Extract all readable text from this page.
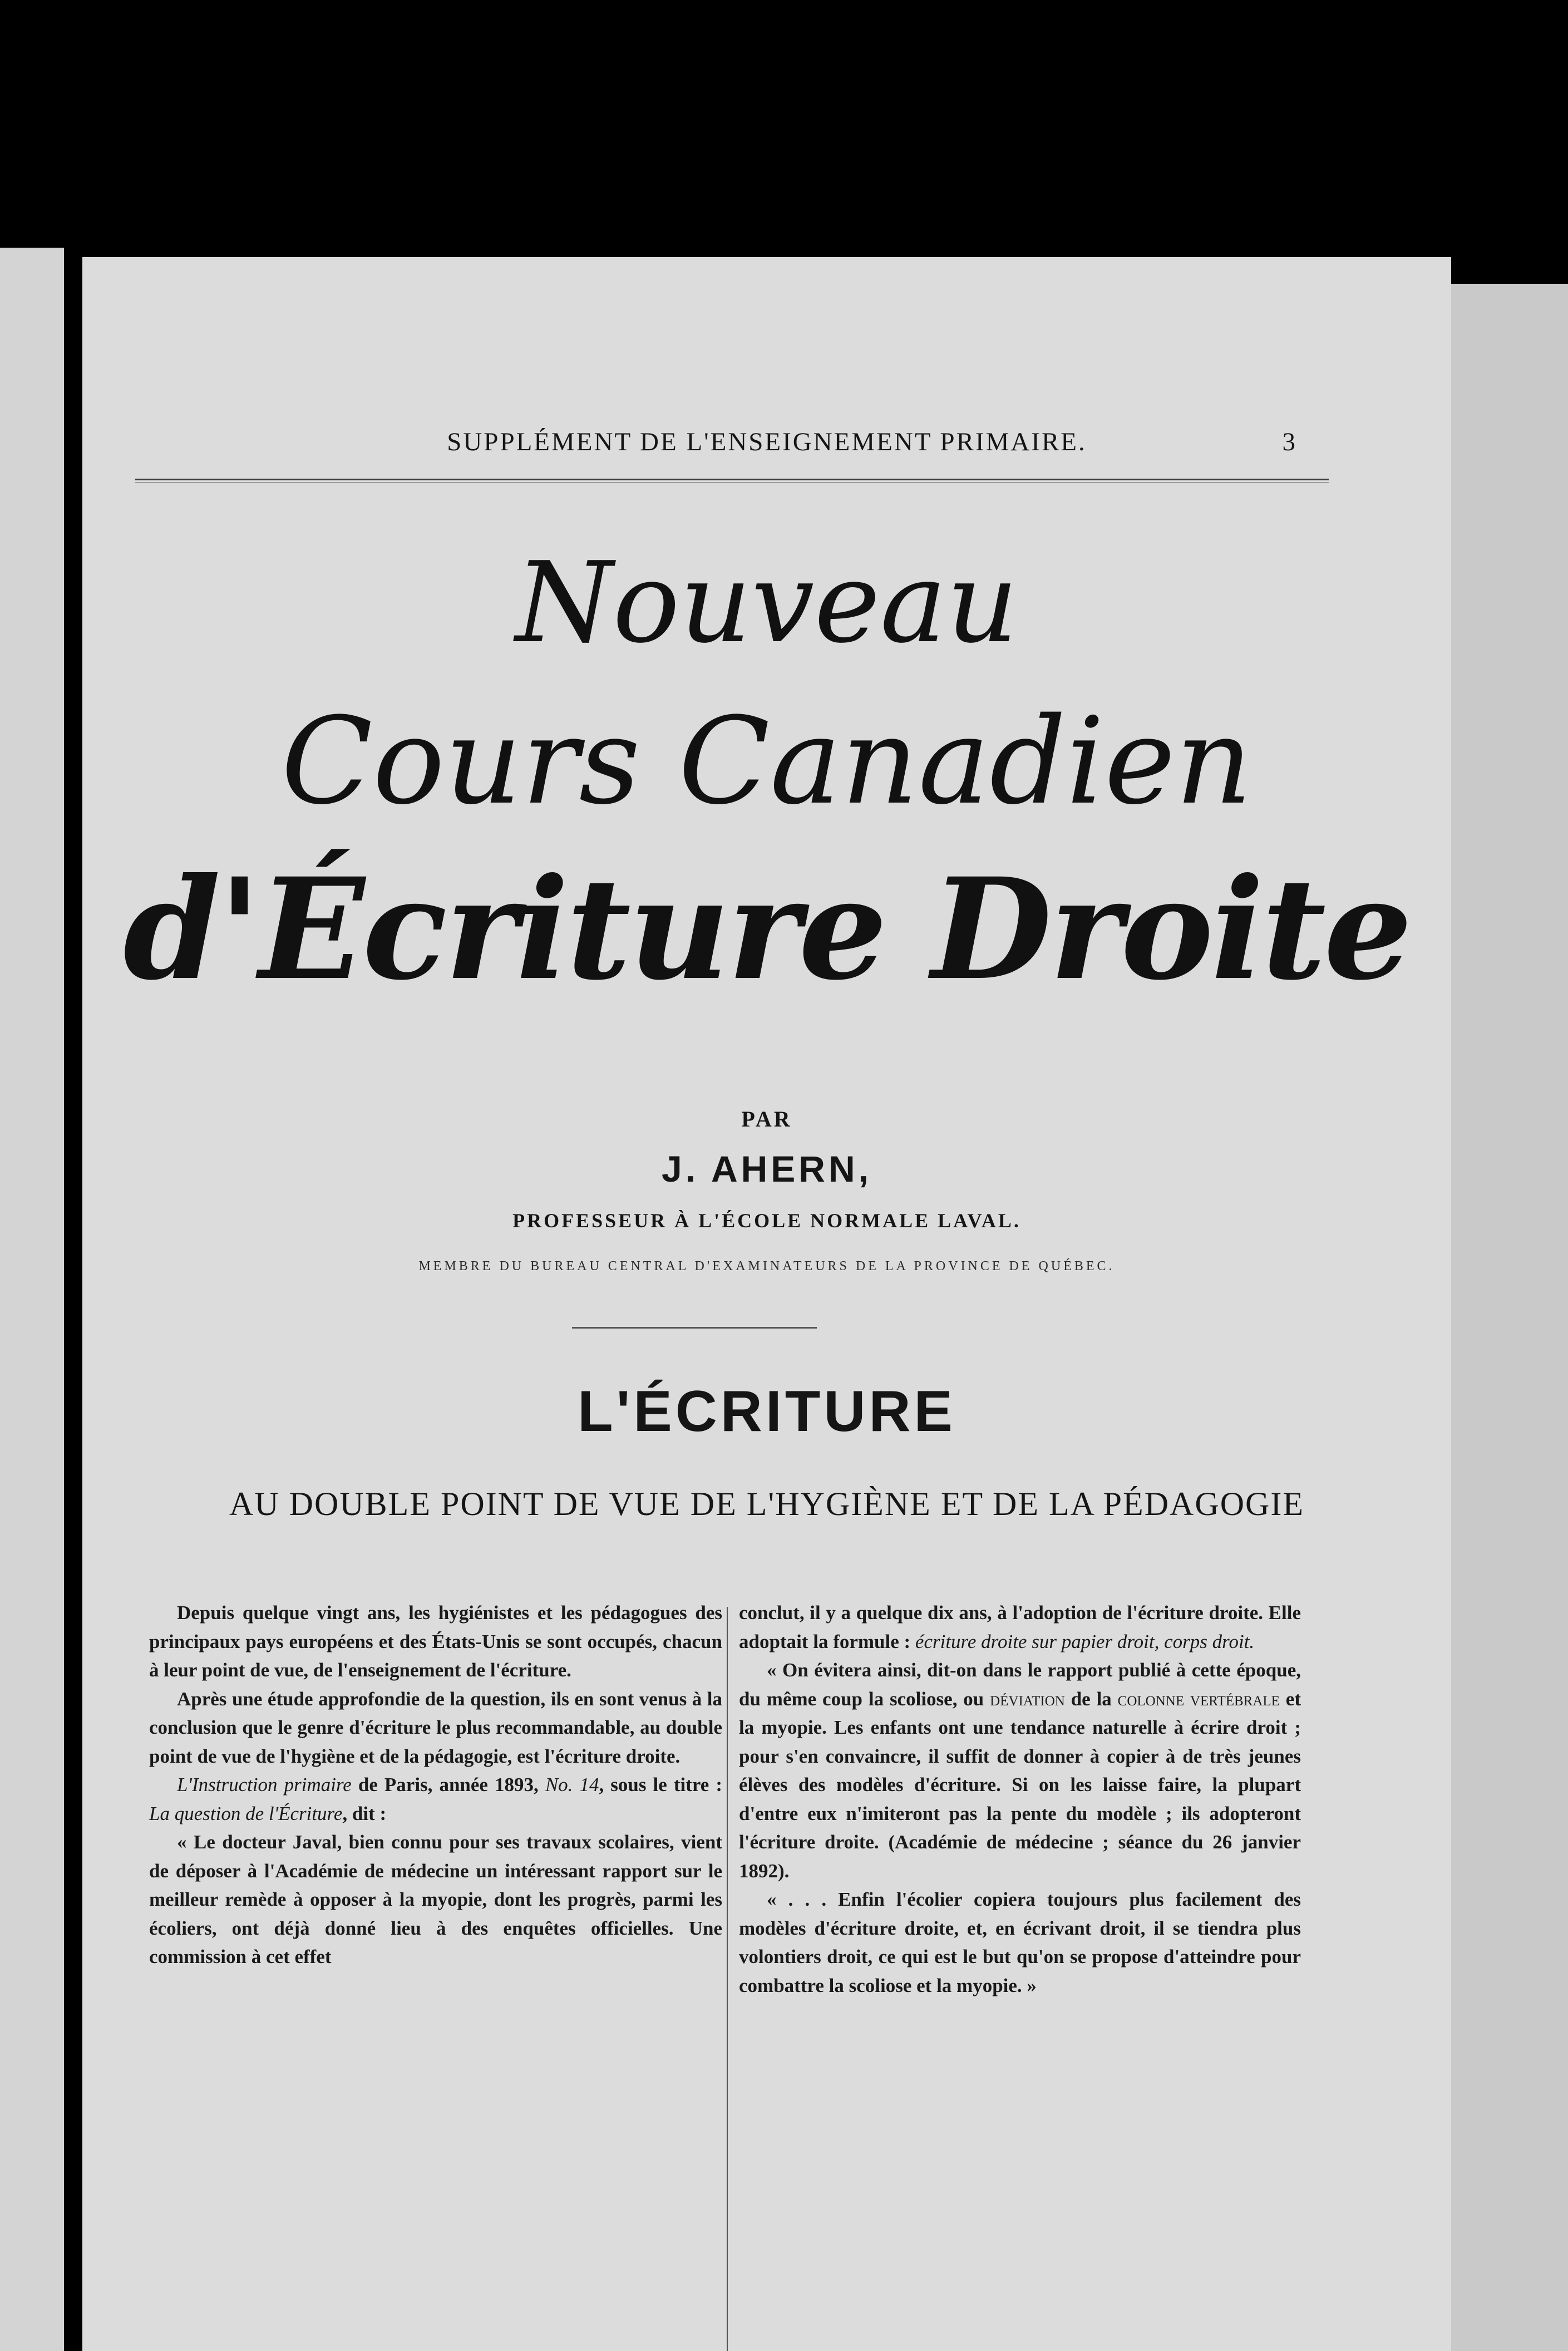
SUPPLÉMENT DE L'ENSEIGNEMENT PRIMAIRE.	3
Nouveau
Cours Canadien
d'Écriture Droite
PAR
J. AHERN,
PROFESSEUR À L'ÉCOLE NORMALE LAVAL.
MEMBRE DU BUREAU CENTRAL D'EXAMINATEURS DE LA PROVINCE DE QUÉBEC.
L'ÉCRITURE
AU DOUBLE POINT DE VUE DE L'HYGIÈNE ET DE LA PÉDAGOGIE

Depuis quelque vingt ans, les hygiénistes et les pédagogues des principaux pays européens et des États-Unis se sont occupés, chacun à leur point de vue, de l'enseignement de l'écriture.

Après une étude approfondie de la question, ils en sont venus à la conclusion que le genre d'écriture le plus recommandable, au double point de vue de l'hygiène et de la pédagogie, est l'écriture droite.

L'Instruction primaire de Paris, année 1893, No. 14, sous le titre : La question de l'Écriture, dit :

« Le docteur Javal, bien connu pour ses travaux scolaires, vient de déposer à l'Académie de médecine un intéressant rapport sur le meilleur remède à opposer à la myopie, dont les progrès, parmi les écoliers, ont déjà donné lieu à des enquêtes officielles. Une commission à cet effet

conclut, il y a quelque dix ans, à l'adoption de l'écriture droite. Elle adoptait la formule : écriture droite sur papier droit, corps droit.

« On évitera ainsi, dit-on dans le rapport publié à cette époque, du même coup la scoliose, ou déviation de la colonne vertébrale et la myopie. Les enfants ont une tendance naturelle à écrire droit ; pour s'en convaincre, il suffit de donner à copier à de très jeunes élèves des modèles d'écriture. Si on les laisse faire, la plupart d'entre eux n'imiteront pas la pente du modèle ; ils adopteront l'écriture droite. (Académie de médecine ; séance du 26 janvier 1892).

« . . . Enfin l'écolier copiera toujours plus facilement des modèles d'écriture droite, et, en écrivant droit, il se tiendra plus volontiers droit, ce qui est le but qu'on se propose d'atteindre pour combattre la scoliose et la myopie. »
